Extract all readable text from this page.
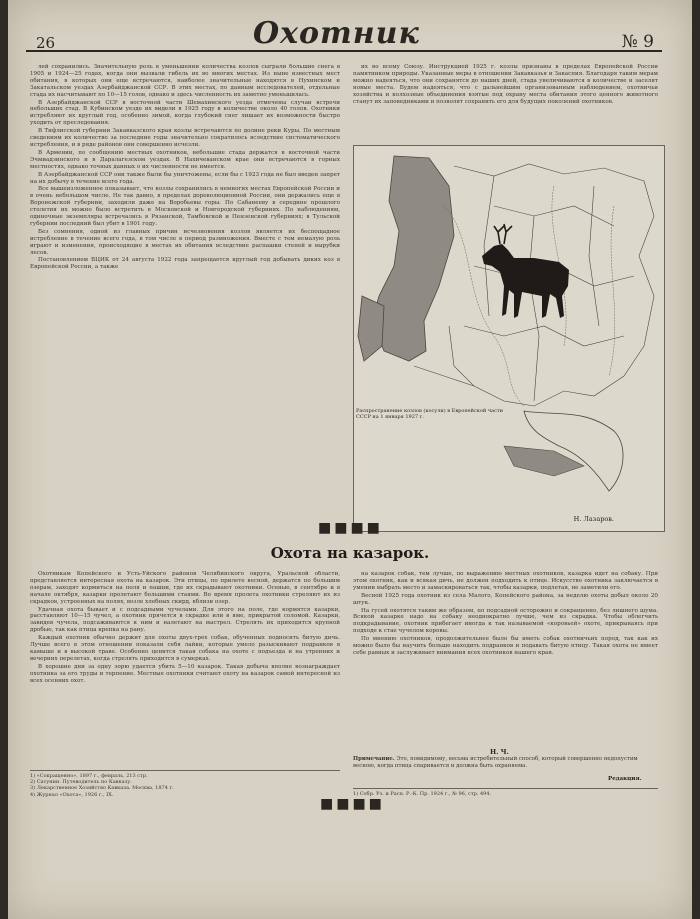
26	Охотник	№ 9

лей сохранились. Значительную роль в уменьшении количества козлов сыграли большие снега в 1905 и 1924—25 годах, когда они вызвали гибель их во многих местах. Из ныне известных мест обитания, в которых они еще встречаются, наиболее значительные находятся в Нухинском и Закатальском уездах Азербайджанской ССР. В этих местах, по данным исследователей, отдельные стада их насчитывают по 10—15 голов, однако и здесь численность их заметно уменьшилась.

В Азербайджанской ССР в восточной части Шемахинского уезда отмечены случаи встречи небольших стад. В Кубинском уезде их видели в 1925 году в количестве около 40 голов. Охотники истребляют их круглый год, особенно зимой, когда глубокий снег лишает их возможности быстро уходить от преследования.

В Тифлисской губернии Закавказского края козлы встречаются по долине реки Куры. По местным сведениям их количество за последние годы значительно сократилось вследствие систематического истребления, и в ряде районов они совершенно исчезли.

В Армении, по сообщению местных охотников, небольшие стада держатся в восточной части Эчмиадзинского и в Даралагезском уездах. В Нахичеванском крае они встречаются в горных местностях, однако точных данных о их численности не имеется.

В Азербайджанской ССР они также были бы уничтожены, если бы с 1923 года не был введен запрет на их добычу в течение всего года.

Все вышеизложенное показывает, что козлы сохранились в немногих местах Европейской России и в очень небольшом числе. Не так давно, в пределах дореволюционной России, они держались еще в Воронежской губернии, заходили даже на Воробьевы горы. По Сабанееву в середине прошлого столетия их можно было встретить в Московской и Новгородской губерниях. По наблюдениям, одиночные экземпляры встречались в Рязанской, Тамбовской и Пензенской губерниях; в Тульской губернии последний был убит в 1901 году.

Без сомнения, одной из главных причин исчезновения козлов является их беспощадное истребление в течение всего года, в том числе в период размножения. Вместе с тем немалую роль играют и изменения, происходящие в местах их обитания вследствие распашки степей и вырубки лесов.

Постановлением ВЦИК от 24 августа 1922 года запрещается круглый год добывать диких коз в Европейской России, а также

их во всему Союзу. Инструкцией 1925 г. козлы признаны в пределах Европейской России памятником природы. Указанные меры в отношении Закавказья и Закаспия. Благодаря таким мерам можно надеяться, что они сохранятся до наших дней, стада увеличиваются в количестве и заселят новые места. Будем надеяться, что с дальнейшим организованным наблюдением, охотничьи хозяйства и колхозные объединения взятые под охрану места обитания этого ценного животного станут их заповедниками и позволят сохранить его для будущих поколений охотников.

Распространение козлов (косули) в Европейской части СССР на 1 января 1927 г.
Н. Лазаров.
■■■■
Охота на казарок.

Охотникам Копейского и Усть-Уйского районов Челябинского округа, Уральской области, представляется интересная охота на казарок. Эти птицы, по прилете весной, держатся по большим озерам, заходят кормиться на поля и пашни, где их скрадывают охотники. Осенью, в сентябре и в начале октября, казарки пролетают большими стаями. Во время пролета охотники стреляют их из скрадков, устроенных на полях, возле хлебных скирд, вблизи озер.

Удачная охота бывает и с подсадными чучелами. Для этого на поле, где кормятся казарки, расставляют 10—15 чучел, а охотник прячется в скрадке или в яме, прикрытой соломой. Казарки, завидев чучела, подсаживаются к ним и налетают на выстрел. Стрелять их приходится крупной дробью, так как птица крепка на рану.

Каждый охотник обычно держит для охоты двух-трех собак, обученных подносить битую дичь. Лучше всего в этом отношении показали себя лайки, которые умело разыскивают подранков в камыше и в высокой траве. Особенно ценится такая собака на охоте с подъезда и на утренних и вечерних перелетах, когда стрелять приходится в сумерках.

В хорошие дни за одну зорю удается убить 5—10 казарок. Такая добыча вполне вознаграждает охотника за его труды и терпение. Местные охотники считают охоту на казарок самой интересной из всех осенних охот.

1) «Сокращенно», 1897 г., февраль, 213 стр.
2) Сатунин. Путеводитель по Кавказу.
3) Лекарственное Хозяйство Кавказа. Москва, 1874 г.
4) Журнал «Охота», 1926 г., IX.

на казарок собак, тем лучше, по выражению местных охотников, казарка идет на собаку. При этом охотник, как и всякая дичь, не должен подходить к птице. Искусство охотника заключается в умении выбрать место и замаскироваться так, чтобы казарки, подлетая, не заметили его.

Весной 1925 года охотник из села Малого, Копейского района, за неделю охоты добыл около 20 штук.

На гусей охотятся таким же образом, по подсадной осторожно и сокращенно, без лишнего шума. Всякой казарке надо на собаку неоднократно лучше, чем из скрадка. Чтобы облегчить подкрадывание, охотник прибегает иногда к так называемой «коровьей» охоте, прикрываясь при подходе к стае чучелом коровы.

По мнению охотников, продолжительнее было бы иметь собак охотничьих пород, так как их можно было бы научить больше находить подранков и подавать битую птицу. Такая охота не имеет себе равных и заслуживает внимания всех охотников нашего края.

Н. Ч.
Примечание. Это, повидимому, весьма истребительный способ, который совершенно недопустим весною, когда птица спаривается и должна быть охраняема.
Редакция.
1) Собр. Уз. и Расп. Р.-К. Пр. 1924 г., № 96, стр. 494.
■■■■
